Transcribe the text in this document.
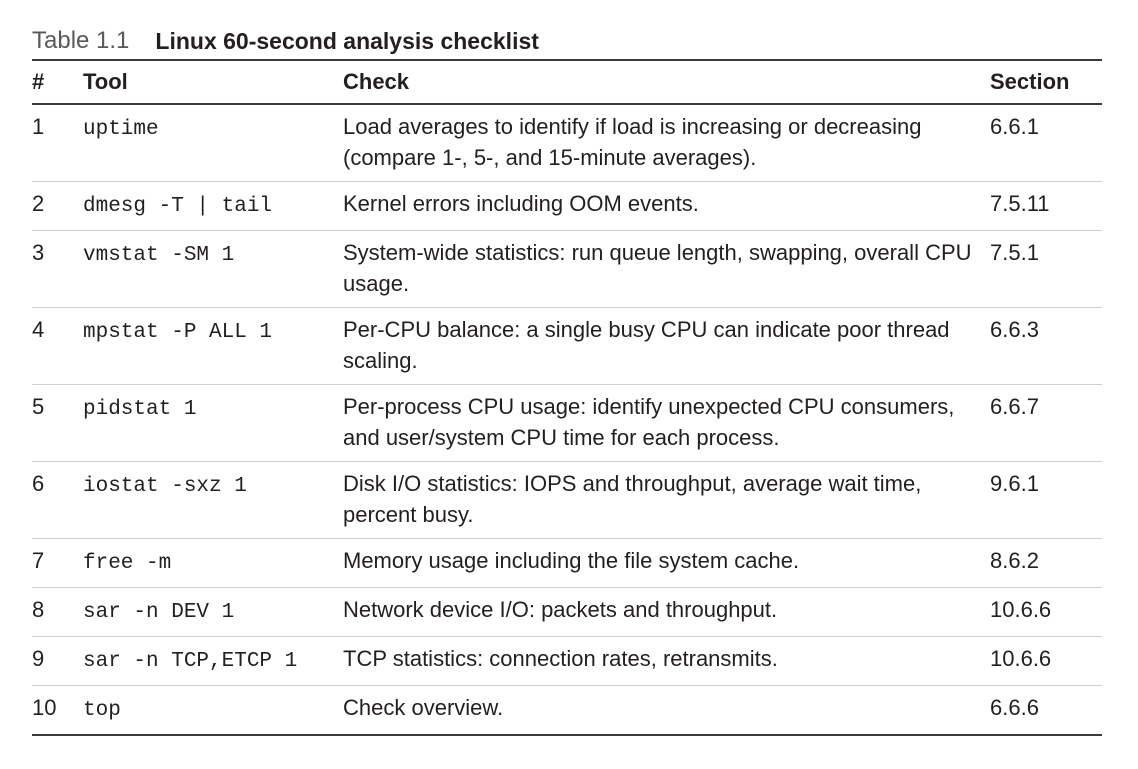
Table 1.1 Linux 60-second analysis checklist
#	Tool	Check	Section
1	uptime	Load averages to identify if load is increasing or decreasing (compare 1-, 5-, and 15-minute averages).	6.6.1
2	dmesg -T | tail	Kernel errors including OOM events.	7.5.11
3	vmstat -SM 1	System-wide statistics: run queue length, swapping, overall CPU usage.	7.5.1
4	mpstat -P ALL 1	Per-CPU balance: a single busy CPU can indicate poor thread scaling.	6.6.3
5	pidstat 1	Per-process CPU usage: identify unexpected CPU consumers, and user/system CPU time for each process.	6.6.7
6	iostat -sxz 1	Disk I/O statistics: IOPS and throughput, average wait time, percent busy.	9.6.1
7	free -m	Memory usage including the file system cache.	8.6.2
8	sar -n DEV 1	Network device I/O: packets and throughput.	10.6.6
9	sar -n TCP,ETCP 1	TCP statistics: connection rates, retransmits.	10.6.6
10	top	Check overview.	6.6.6
